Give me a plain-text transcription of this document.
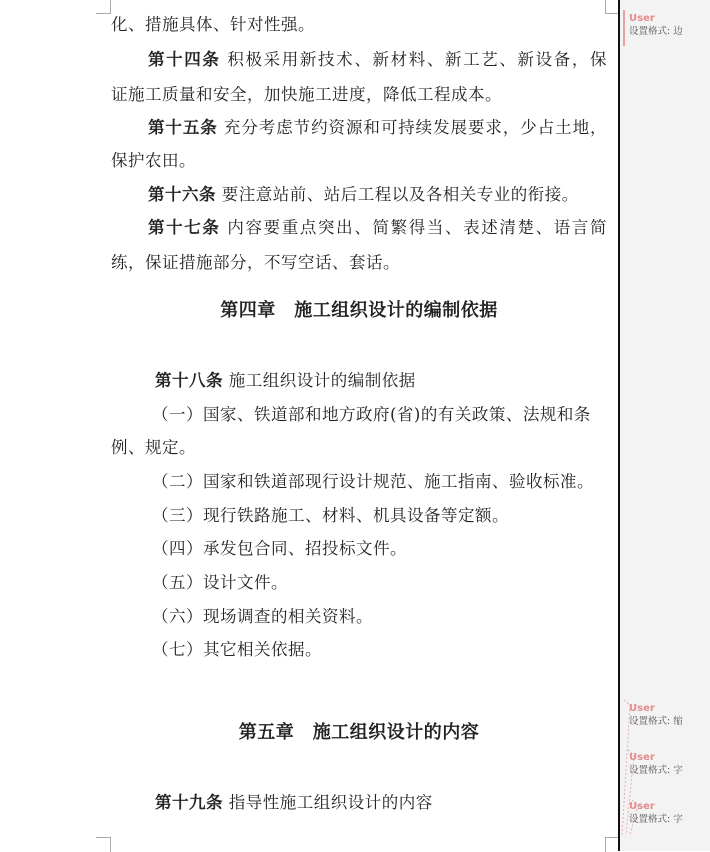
化、措施具体、针对性强。
第十四条 积极采用新技术、新材料、新工艺、新设备，保
证施工质量和安全，加快施工进度，降低工程成本。
第十五条 充分考虑节约资源和可持续发展要求，少占土地，
保护农田。
第十六条 要注意站前、站后工程以及各相关专业的衔接。
第十七条 内容要重点突出、简繁得当、表述清楚、语言简
练，保证措施部分，不写空话、套话。
第四章　施工组织设计的编制依据
第十八条 施工组织设计的编制依据
（一）国家、铁道部和地方政府(省)的有关政策、法规和条
例、规定。
（二）国家和铁道部现行设计规范、施工指南、验收标准。
（三）现行铁路施工、材料、机具设备等定额。
（四）承发包合同、招投标文件。
（五）设计文件。
（六）现场调查的相关资料。
（七）其它相关依据。
第五章　施工组织设计的内容
第十九条 指导性施工组织设计的内容
User
设置格式: 边
User
设置格式: 缩
User
设置格式: 字
User
设置格式: 字
